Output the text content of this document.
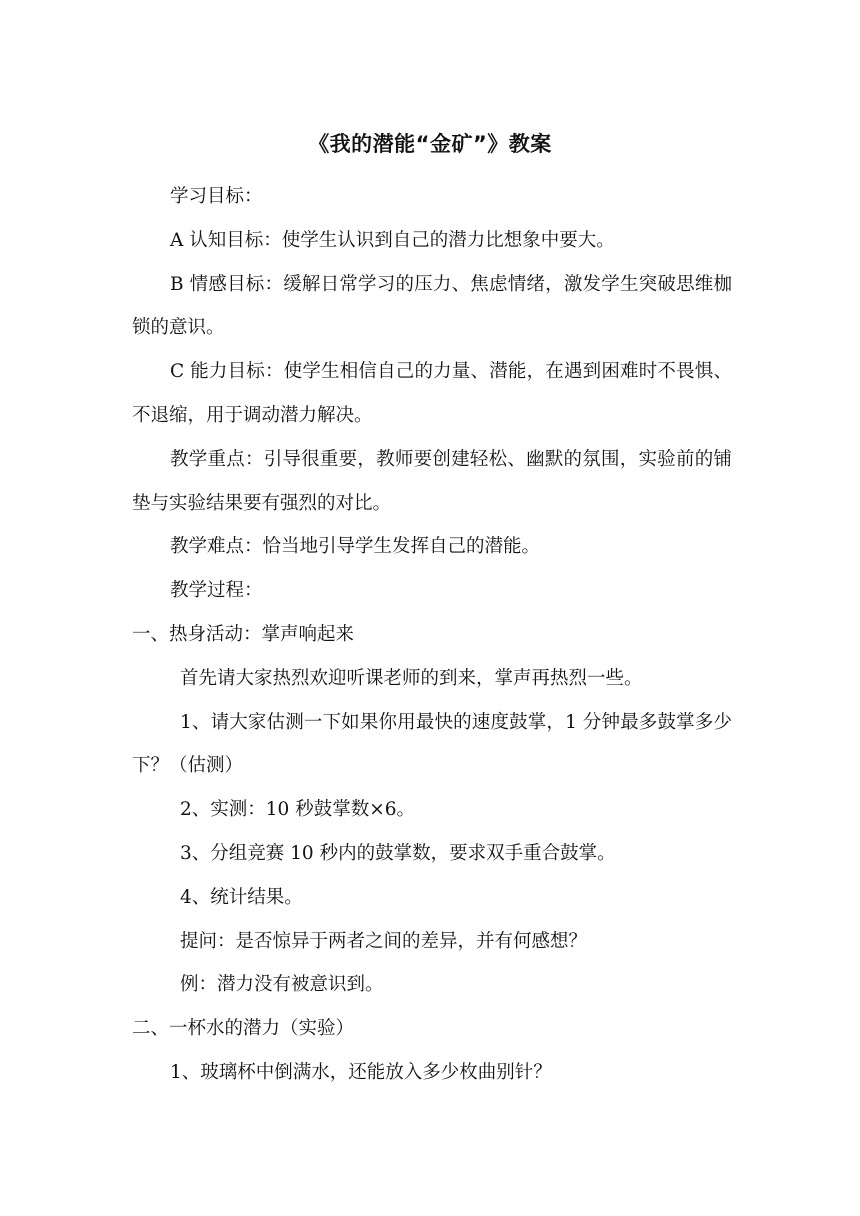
《我的潜能“金矿”》教案

学习目标：

A 认知目标：使学生认识到自己的潜力比想象中要大。

B 情感目标：缓解日常学习的压力、焦虑情绪，激发学生突破思维枷锁的意识。

C 能力目标：使学生相信自己的力量、潜能，在遇到困难时不畏惧、不退缩，用于调动潜力解决。

教学重点：引导很重要，教师要创建轻松、幽默的氛围，实验前的铺垫与实验结果要有强烈的对比。

教学难点：恰当地引导学生发挥自己的潜能。

教学过程：

一、热身活动：掌声响起来

首先请大家热烈欢迎听课老师的到来，掌声再热烈一些。

1、请大家估测一下如果你用最快的速度鼓掌，1 分钟最多鼓掌多少下？（估测）

2、实测：10 秒鼓掌数×6。

3、分组竞赛 10 秒内的鼓掌数，要求双手重合鼓掌。

4、统计结果。

提问：是否惊异于两者之间的差异，并有何感想？

例：潜力没有被意识到。

二、一杯水的潜力（实验）

1、玻璃杯中倒满水，还能放入多少枚曲别针？
